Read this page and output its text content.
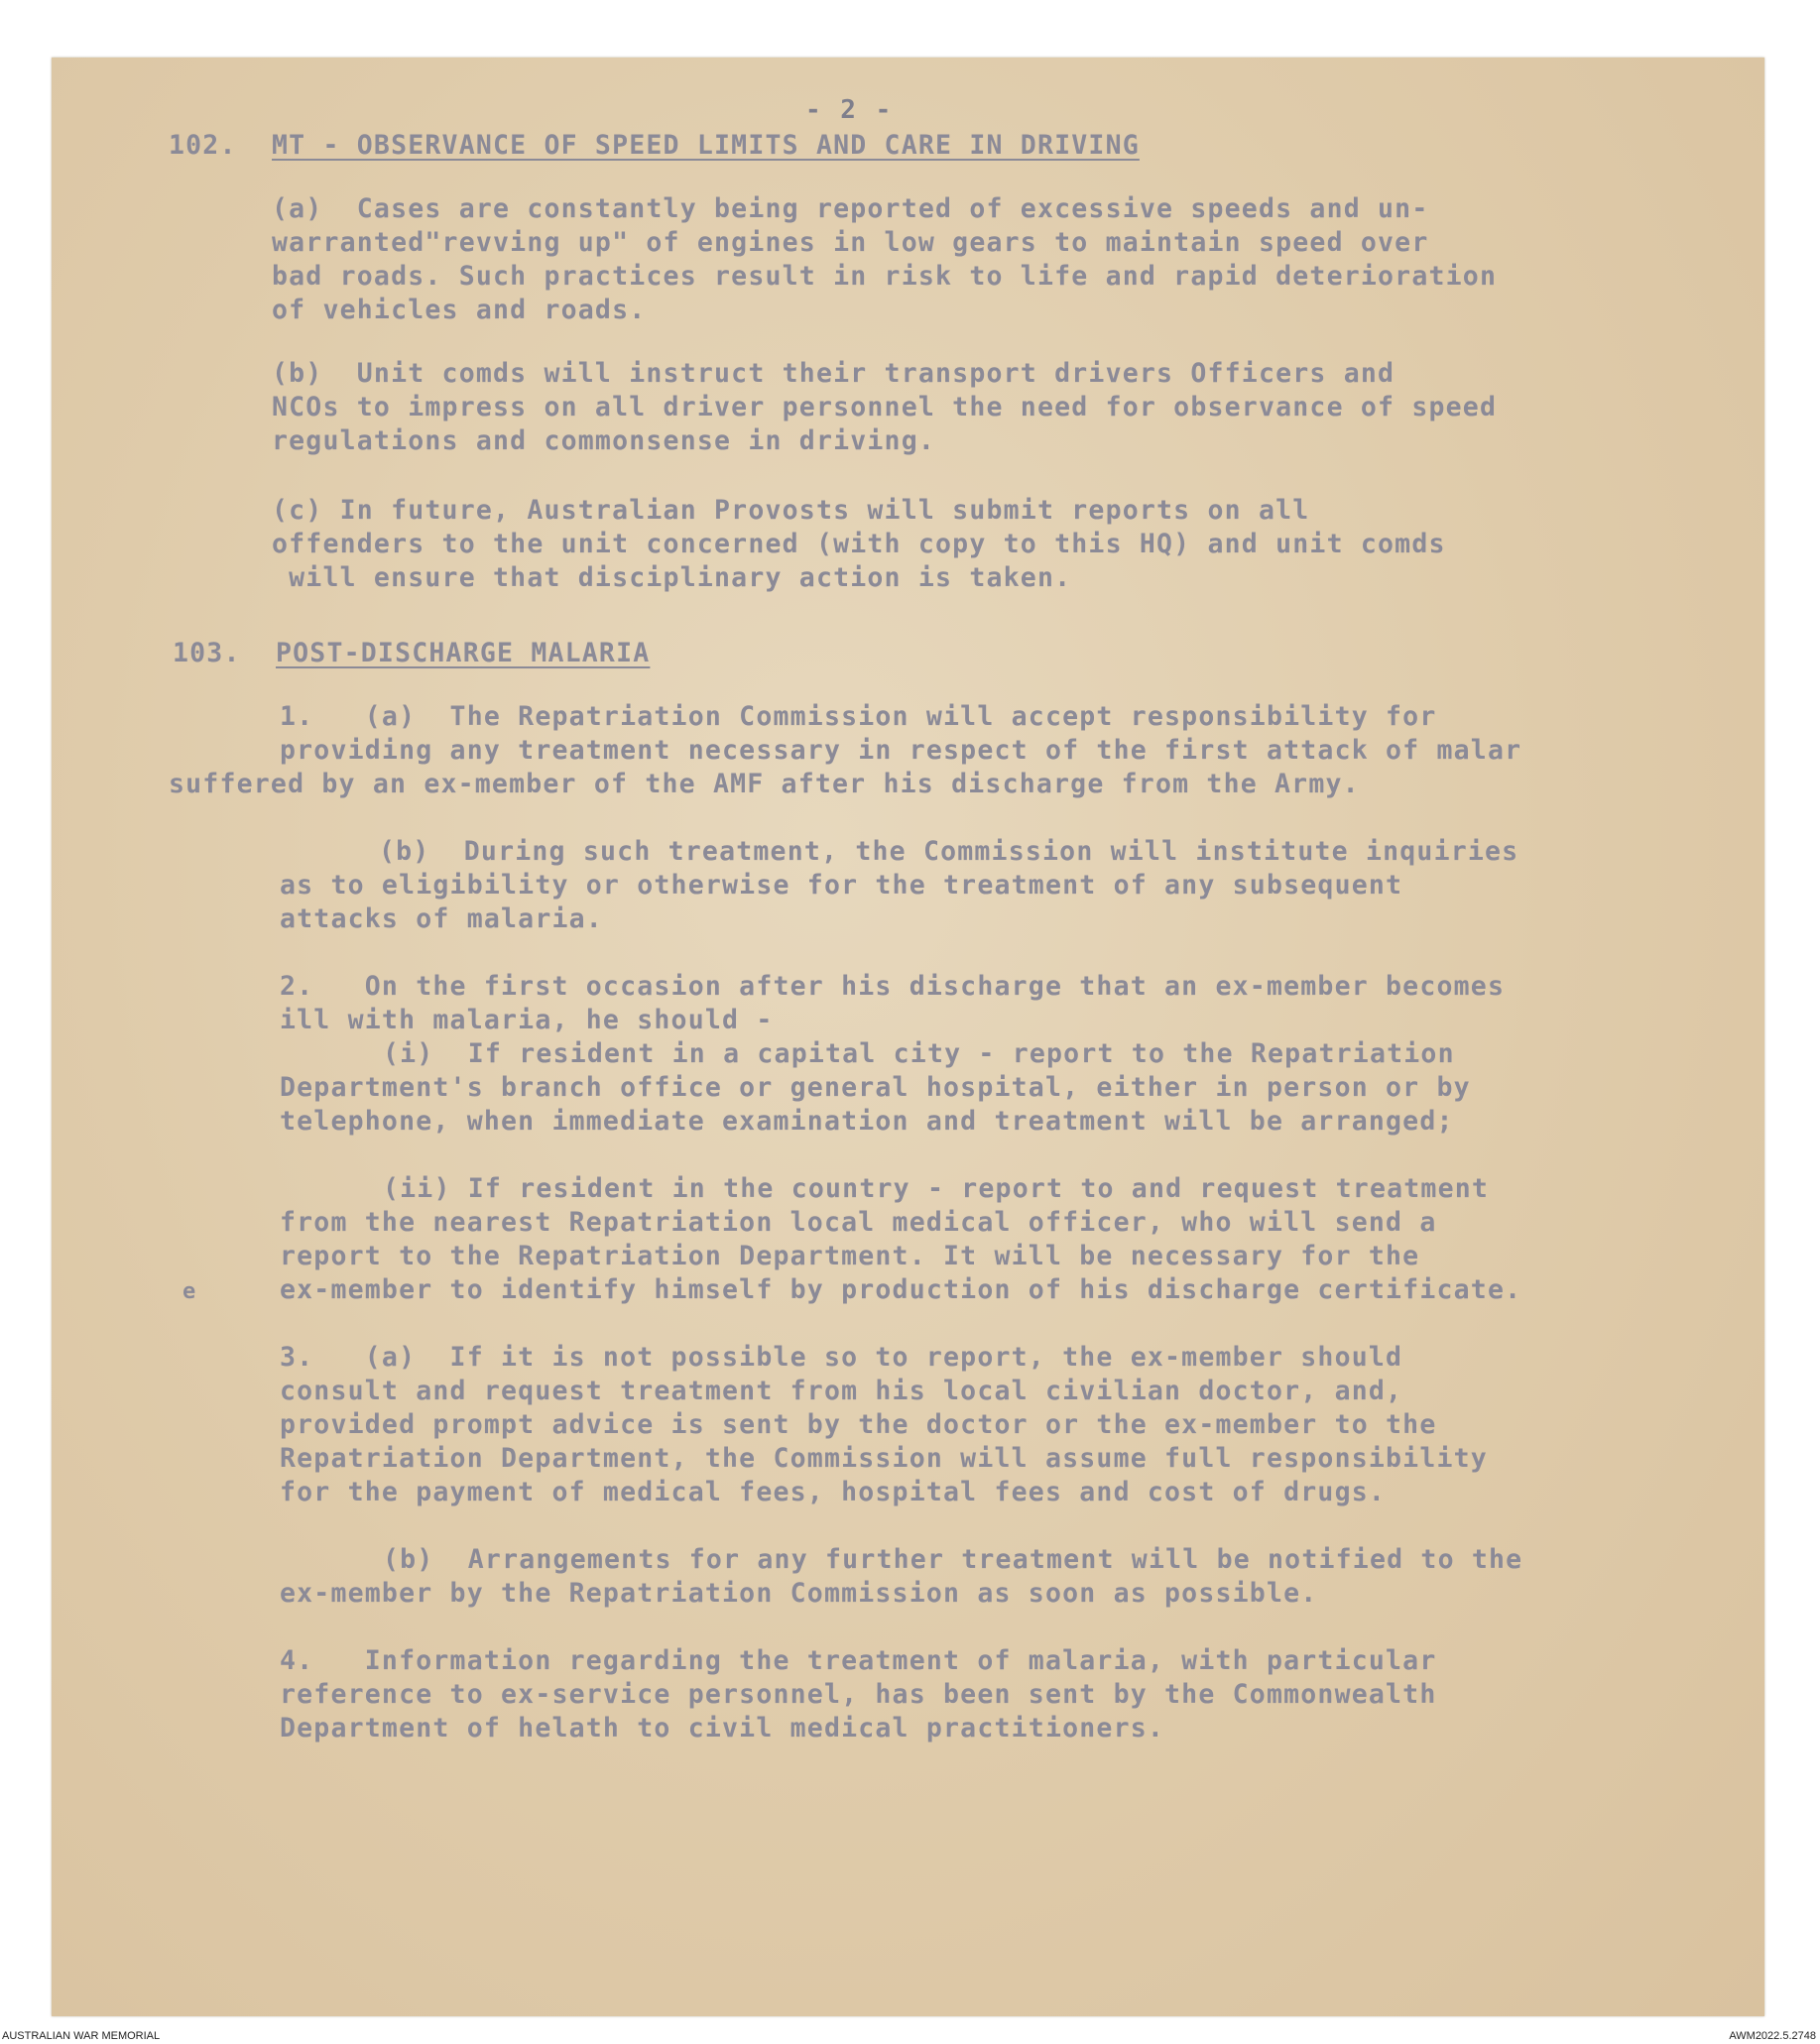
- 2 -
102. MT - OBSERVANCE OF SPEED LIMITS AND CARE IN DRIVING
(a)  Cases are constantly being reported of excessive speeds and un-
warranted"revving up" of engines in low gears to maintain speed over
bad roads. Such practices result in risk to life and rapid deterioration
of vehicles and roads.
(b)  Unit comds will instruct their transport drivers Officers and
NCOs to impress on all driver personnel the need for observance of speed
regulations and commonsense in driving.
(c) In future, Australian Provosts will submit reports on all
offenders to the unit concerned (with copy to this HQ) and unit comds
will ensure that disciplinary action is taken.
103. POST-DISCHARGE MALARIA
1.   (a)  The Repatriation Commission will accept responsibility for
providing any treatment necessary in respect of the first attack of malar
suffered by an ex-member of the AMF after his discharge from the Army.
(b)  During such treatment, the Commission will institute inquiries
as to eligibility or otherwise for the treatment of any subsequent
attacks of malaria.
2.   On the first occasion after his discharge that an ex-member becomes
ill with malaria, he should -
(i)  If resident in a capital city - report to the Repatriation
Department's branch office or general hospital, either in person or by
telephone, when immediate examination and treatment will be arranged;
(ii) If resident in the country - report to and request treatment
from the nearest Repatriation local medical officer, who will send a
report to the Repatriation Department. It will be necessary for the
ex-member to identify himself by production of his discharge certificate.
e
3.   (a)  If it is not possible so to report, the ex-member should
consult and request treatment from his local civilian doctor, and,
provided prompt advice is sent by the doctor or the ex-member to the
Repatriation Department, the Commission will assume full responsibility
for the payment of medical fees, hospital fees and cost of drugs.
(b)  Arrangements for any further treatment will be notified to the
ex-member by the Repatriation Commission as soon as possible.
4.   Information regarding the treatment of malaria, with particular
reference to ex-service personnel, has been sent by the Commonwealth
Department of helath to civil medical practitioners.
AUSTRALIAN WAR MEMORIAL	AWM2022.5.2748
